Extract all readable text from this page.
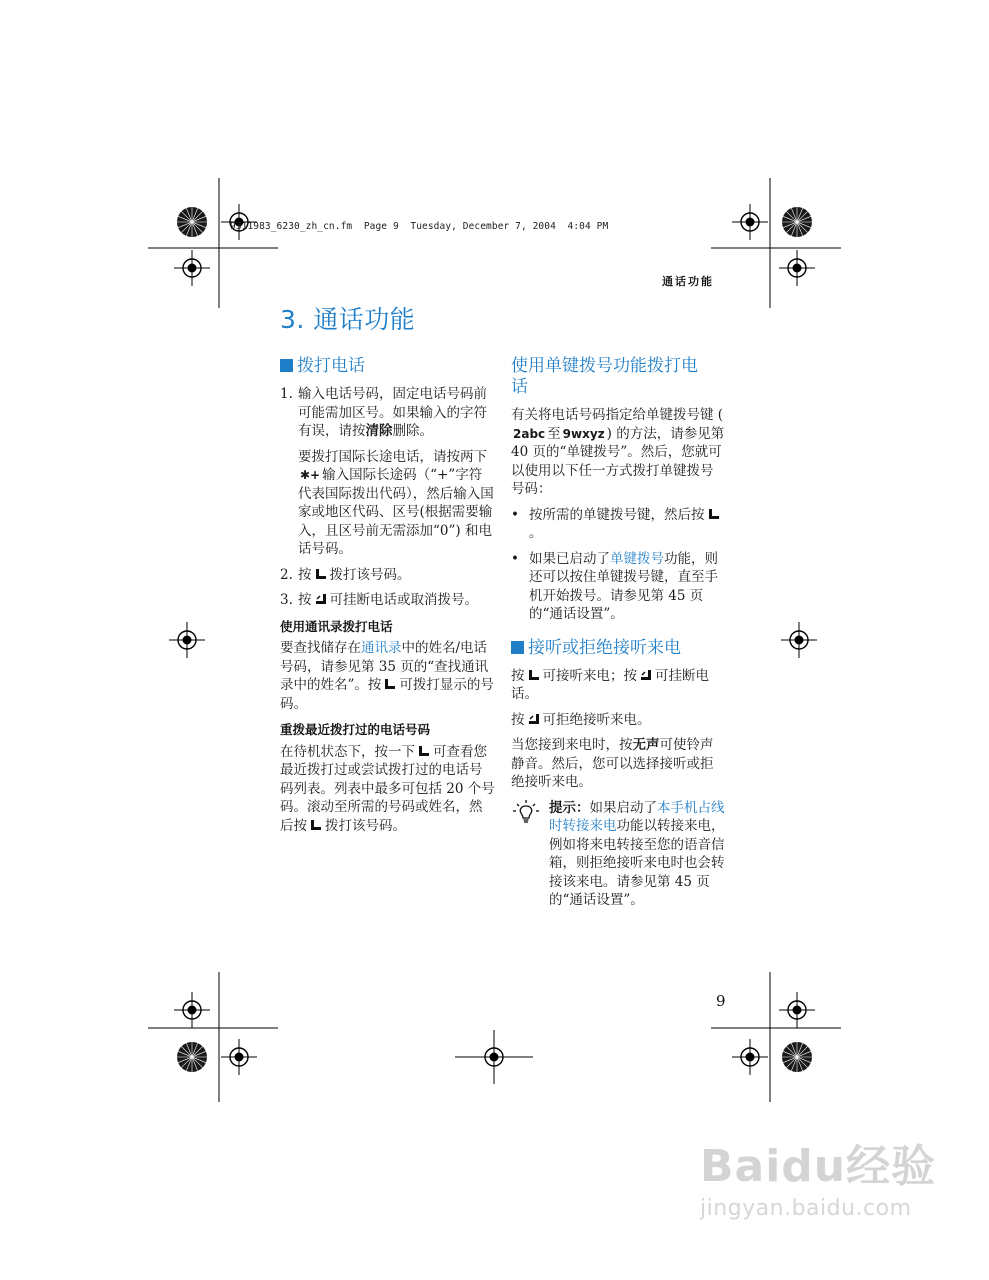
9311983_6230_zh_cn.fm  Page 9  Tuesday, December 7, 2004  4:04 PM
通话功能
3. 通话功能
拨打电话
1. 输入电话号码，固定电话号码前可能需加区号。如果输入的字符有误，请按清除删除。

要拨打国际长途电话，请按两下✱+ 输入国际长途码（“+”字符代表国际拨出代码），然后输入国家或地区代码、区号(根据需要输入，且区号前无需添加“0”) 和电话号码。

2. 按 拨打该号码。
3. 按 可挂断电话或取消拨号。
使用通讯录拨打电话

要查找储存在通讯录中的姓名/电话号码，请参见第 35 页的“查找通讯录中的姓名”。按 可拨打显示的号码。

重拨最近拨打过的电话号码

在待机状态下，按一下 可查看您最近拨打过或尝试拨打过的电话号码列表。列表中最多可包括 20 个号码。滚动至所需的号码或姓名，然后按 拨打该号码。

使用单键拨号功能拨打电话

有关将电话号码指定给单键拨号键 (2abc 至 9wxyz ) 的方法，请参见第 40 页的“单键拨号”。然后，您就可以使用以下任一方式拨打单键拨号号码：

• 按所需的单键拨号键，然后按。
• 如果已启动了单键拨号功能，则还可以按住单键拨号键，直至手机开始拨号。请参见第 45 页的“通话设置”。
接听或拒绝接听来电

按 可接听来电；按 可挂断电话。

按 可拒绝接听来电。

当您接到来电时，按无声可使铃声静音。然后，您可以选择接听或拒绝接听来电。

提示：如果启动了本手机占线时转接来电功能以转接来电，例如将来电转接至您的语音信箱，则拒绝接听来电时也会转接该来电。请参见第 45 页的“通话设置”。

9
Baidu经验
jingyan.baidu.com
